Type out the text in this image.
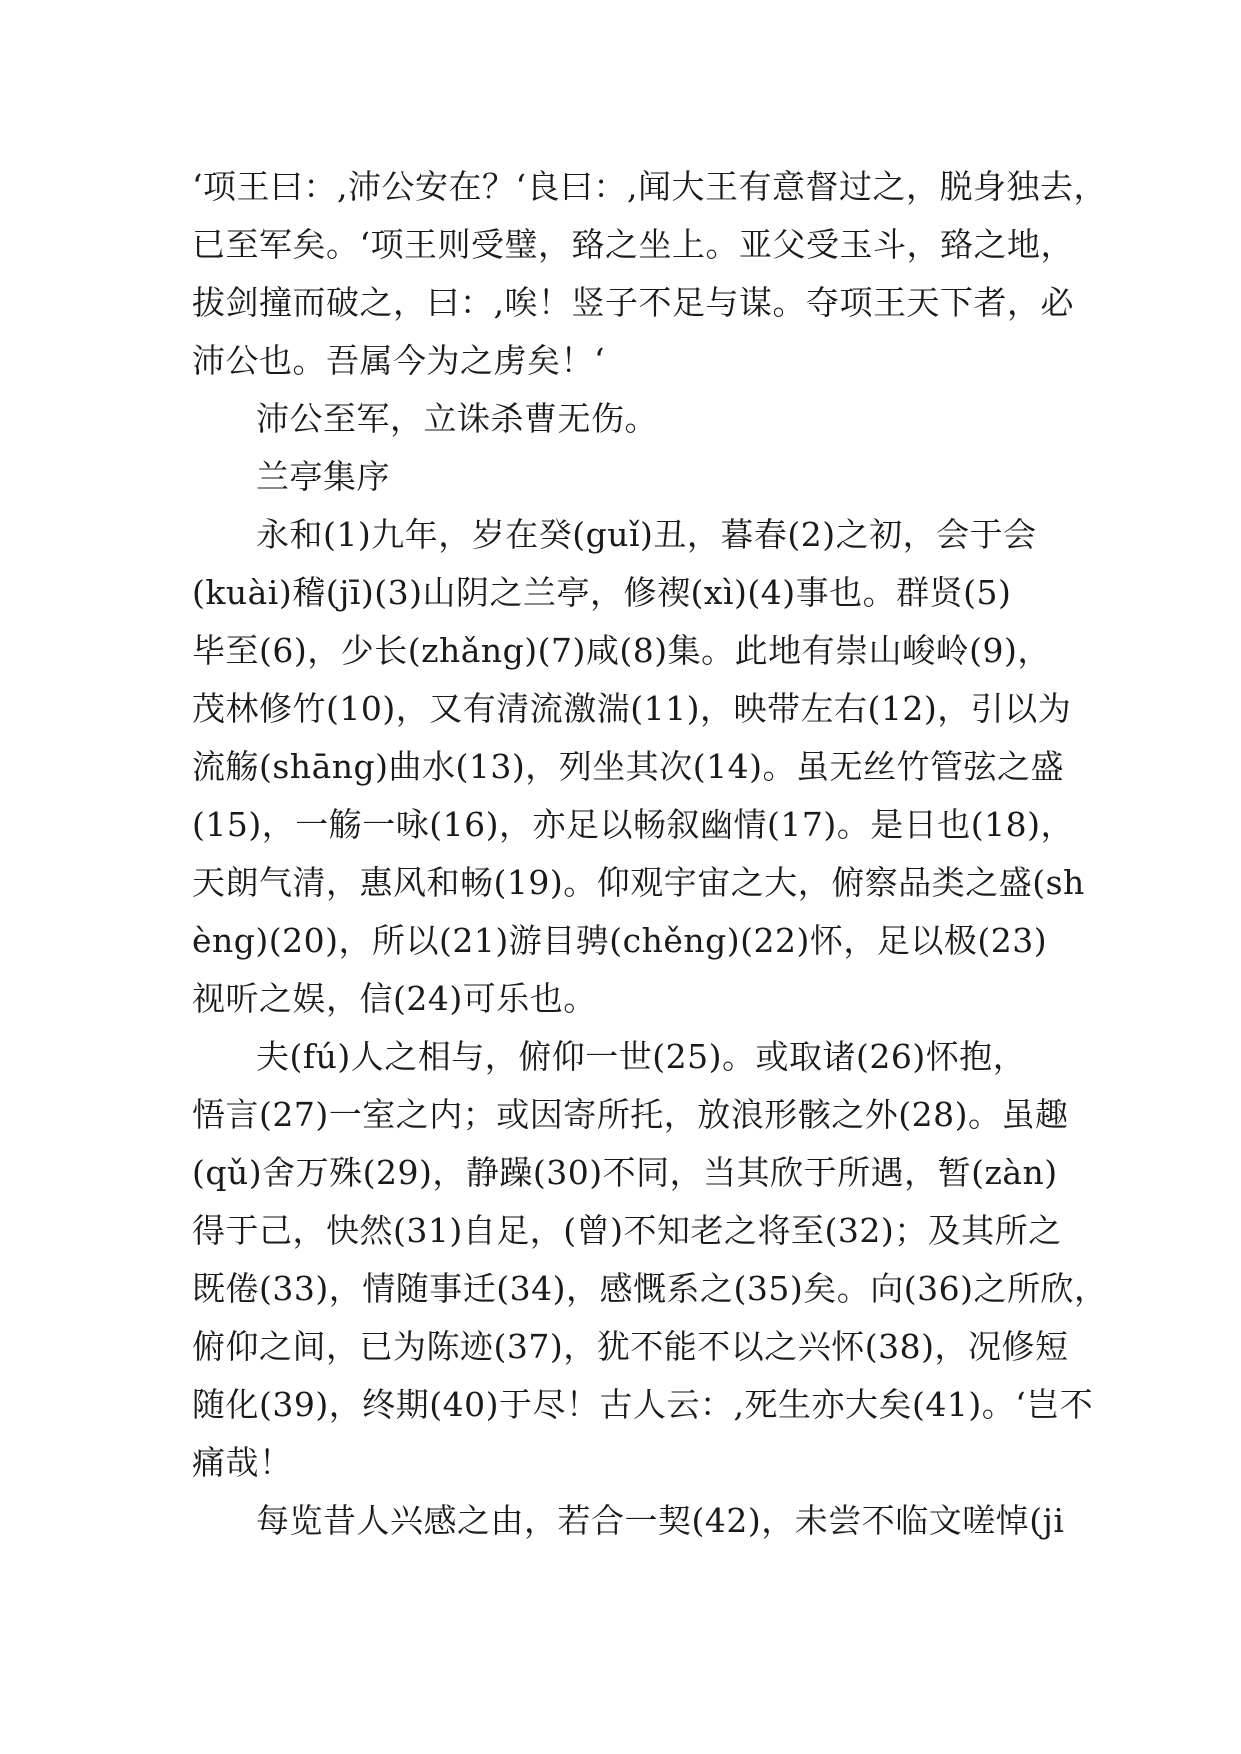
‘项王曰：,沛公安在？‘良曰：,闻大王有意督过之，脱身独去，
已至军矣。‘项王则受璧，臵之坐上。亚父受玉斗，臵之地，
拔剑撞而破之，曰：,唉！竖子不足与谋。夺项王天下者，必
沛公也。吾属今为之虏矣！‘
沛公至军，立诛杀曹无伤。
兰亭集序
永和(1)九年，岁在癸(guǐ)丑，暮春(2)之初，会于会
(kuài)稽(jī)(3)山阴之兰亭，修禊(xì)(4)事也。群贤(5)
毕至(6)，少长(zhǎng)(7)咸(8)集。此地有崇山峻岭(9)，
茂林修竹(10)，又有清流激湍(11)，映带左右(12)，引以为
流觞(shāng)曲水(13)，列坐其次(14)。虽无丝竹管弦之盛
(15)，一觞一咏(16)，亦足以畅叙幽情(17)。是日也(18)，
天朗气清，惠风和畅(19)。仰观宇宙之大，俯察品类之盛(sh
èng)(20)，所以(21)游目骋(chěng)(22)怀，足以极(23)
视听之娱，信(24)可乐也。
夫(fú)人之相与，俯仰一世(25)。或取诸(26)怀抱，
悟言(27)一室之内；或因寄所托，放浪形骸之外(28)。虽趣
(qǔ)舍万殊(29)，静躁(30)不同，当其欣于所遇，暂(zàn)
得于己，快然(31)自足，(曾)不知老之将至(32)；及其所之
既倦(33)，情随事迁(34)，感慨系之(35)矣。向(36)之所欣，
俯仰之间，已为陈迹(37)，犹不能不以之兴怀(38)，况修短
随化(39)，终期(40)于尽！古人云：,死生亦大矣(41)。‘岂不
痛哉！
每览昔人兴感之由，若合一契(42)，未尝不临文嗟悼(ji
